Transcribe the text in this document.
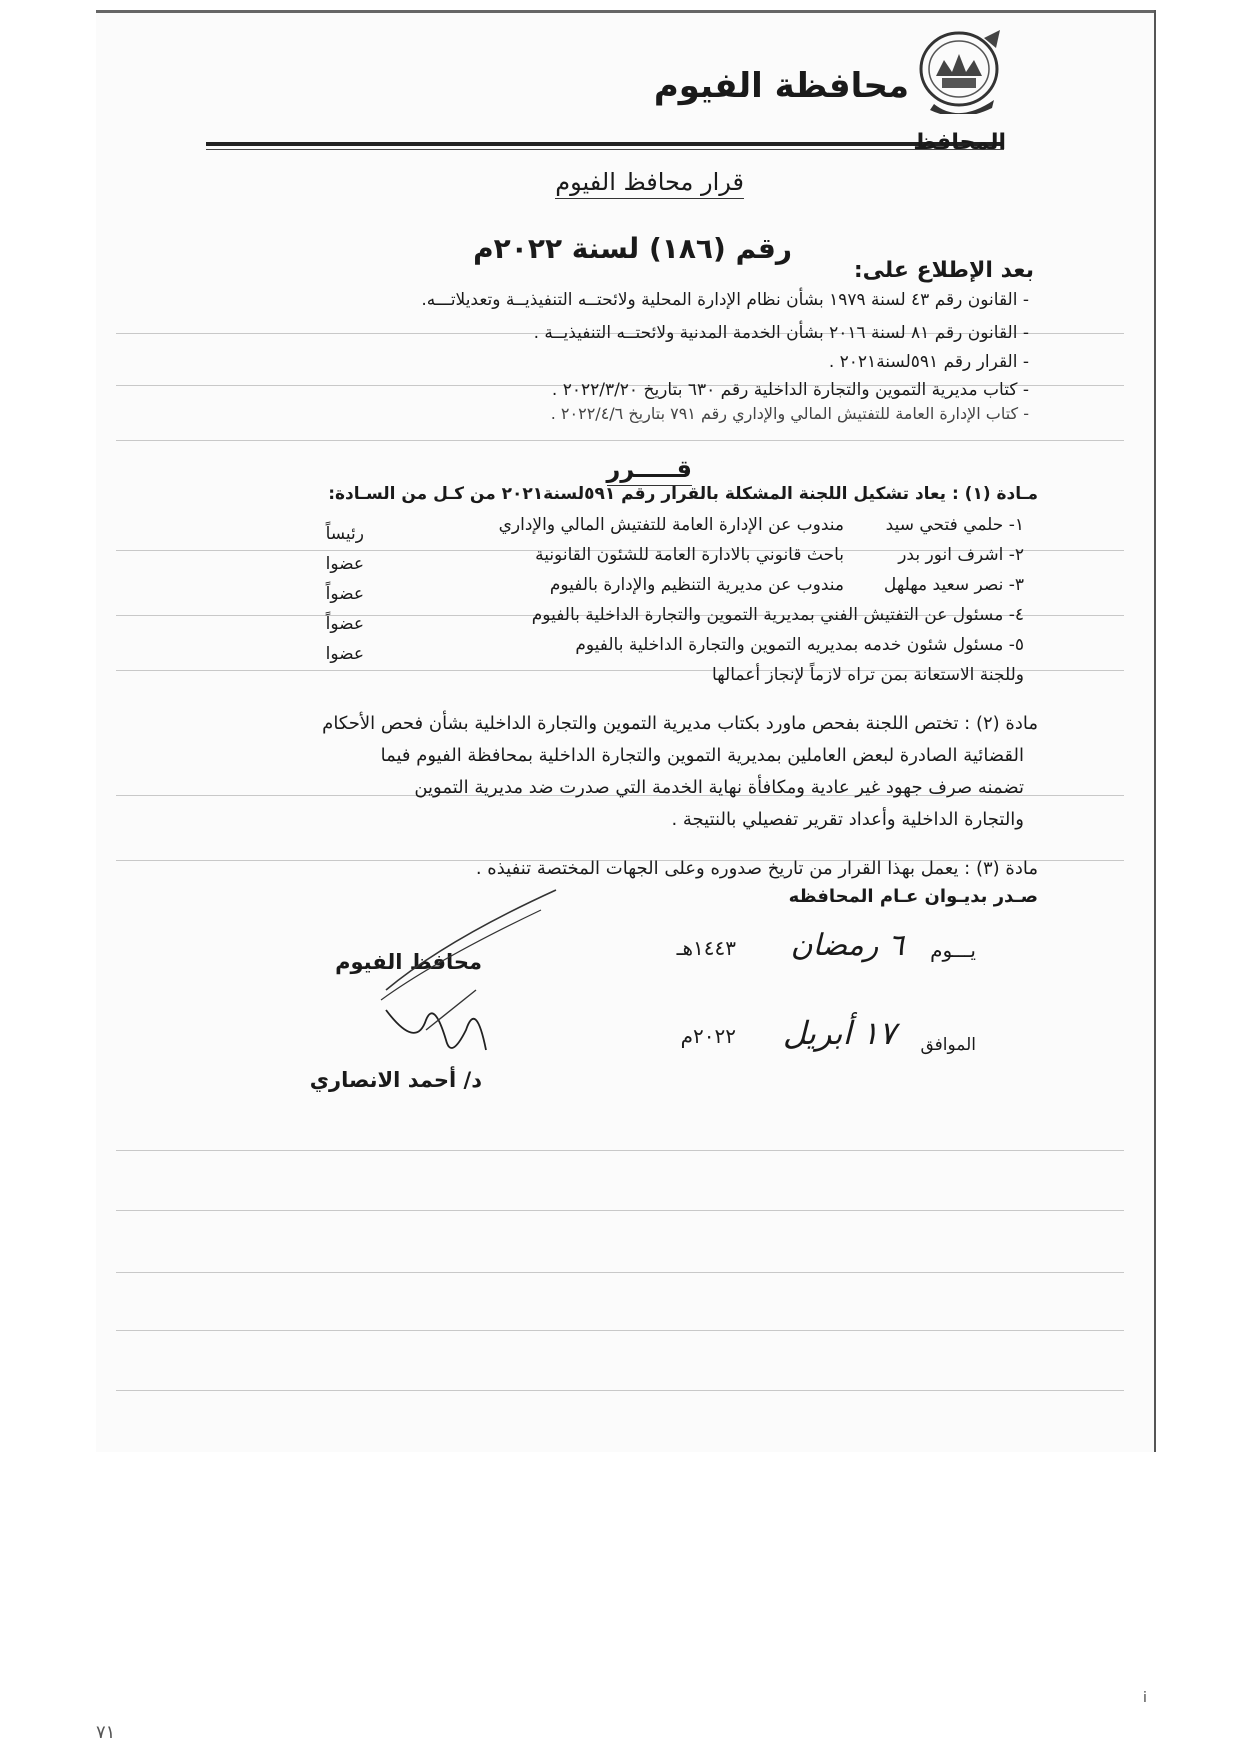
محافظة الفيوم
المحافظ
قرار محافظ الفيوم
رقم (١٨٦) لسنة ٢٠٢٢م
بعد الإطلاع على:
- القانون رقم ٤٣ لسنة ١٩٧٩ بشأن نظام الإدارة المحلية ولائحتــه التنفيذيــة وتعديلاتـــه.
- القانون رقم ٨١ لسنة ٢٠١٦ بشأن الخدمة المدنية ولائحتــه التنفيذيــة .
- القرار رقم ٥٩١لسنة٢٠٢١ .
- كتاب مديرية التموين والتجارة الداخلية رقم ٦٣٠ بتاريخ ٢٠٢٢/٣/٢٠ .
- كتاب الإدارة العامة للتفتيش المالي والإداري رقم ٧٩١ بتاريخ ٢٠٢٢/٤/٦ .
قـــــرر
مـادة (١) : يعاد تشكيل اللجنة المشكلة بالقرار رقم ٥٩١لسنة٢٠٢١ من كـل من السـادة:
١- حلمي فتحي سيد
مندوب عن الإدارة العامة للتفتيش المالي والإداري
رئيساً
٢- اشرف انور بدر
باحث قانوني بالادارة العامة للشئون القانونية
عضوا
٣- نصر سعيد مهلهل
مندوب عن مديرية التنظيم والإدارة بالفيوم
عضواً
٤- مسئول عن التفتيش الفني بمديرية التموين والتجارة الداخلية بالفيوم
عضواً
٥- مسئول شئون خدمه بمديريه التموين والتجارة الداخلية بالفيوم
عضوا
وللجنة الاستعانة بمن تراه لازماً لإنجاز أعمالها
مادة (٢) : تختص اللجنة بفحص ماورد بكتاب مديرية التموين والتجارة الداخلية بشأن فحص الأحكام
القضائية الصادرة لبعض العاملين بمديرية التموين والتجارة الداخلية بمحافظة الفيوم فيما
تضمنه صرف جهود غير عادية ومكافأة نهاية الخدمة التي صدرت ضد مديرية التموين
والتجارة الداخلية وأعداد تقرير تفصيلي بالنتيجة .
مادة (٣) : يعمل بهذا القرار من تاريخ صدوره وعلى الجهات المختصة تنفيذه .
صـدر بديـوان عـام المحافظه
يـــوم
٦ رمضان
١٤٤٣هـ
الموافق
١٧ أبريل
٢٠٢٢م
محافظ الفيوم
د/ أحمد الانصاري
i
٧١
